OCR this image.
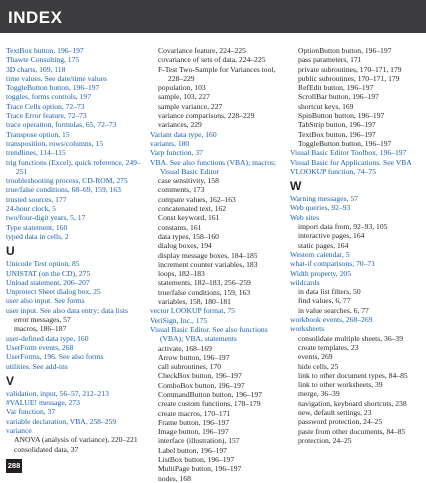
INDEX

TextBox button, 196–197

Thawte Consulting, 175

3D charts, 109, 118

time values. See date/time values

ToggleButton button, 196–197

toggles, forms controls, 197

Trace Cells option, 72–73

Trace Error feature, 72–73

trace operation, formulas, 65, 72–73

Transpose option, 15

transposition, rows/columns, 15

trendlines, 114–115

trig functions (Excel), quick reference, 249–251

troubleshooting process, CD-ROM, 275

true/false conditions, 68–69, 159, 163

trusted sources, 177

24-hour clock, 5

two/four-digit years, 5, 17

Type statement, 160

typed data in cells, 2

U

Unicode Text option, 85

UNISTAT (on the CD), 275

Unload statement, 206–207

Unprotect Sheet dialog box, 25

user also input. See forms

user input. See also data entry; data lists

error messages, 57

macros, 186–187

user-defined data type, 160

UserForm events, 268

UserForms, 196. See also forms

utilities. See add-ins

V

validation, input, 56–57, 212–213

#VALUE! message, 273

Var function, 37

variable declaration, VBA, 258–259

variance

ANOVA (analysis of variance), 220–221

consolidated data, 37

Covariance feature, 224–225

covariance of sets of data, 224–225

F-Test Two-Sample for Variances tool, 228–229

population, 103

sample, 103, 227

sample variance, 227

variance comparisons, 228–229

variances, 229

Variant data type, 160

variants, 180

Varp function, 37

VBA. See also functions (VBA); macros; Visual Basic Editor

case sensitivity, 158

comments, 173

compare values, 162–163

concatenated text, 162

Const keyword, 161

constants, 161

data types, 158–160

dialog boxes, 194

display message boxes, 184–185

increment counter variables, 183

loops, 182–183

statements, 182–183, 256–259

true/false conditions, 159, 163

variables, 158, 180–181

vector LOOKUP format, 75

VeriSign, Inc., 175

Visual Basic Editor. See also functions (VBA); VBA, statements

activate, 168–169

Arrow button, 196–197

call subroutines, 170

CheckBox button, 196–197

ComboBox button, 196–197

CommandButton button, 196–197

create custom functions, 178–179

create macros, 170–171

Frame button, 196–197

Image button, 196–197

interface (illustration), 157

Label button, 196–197

ListBox button, 196–197

MultiPage button, 196–197

nodes, 168

OptionButton button, 196–197

pass parameters, 171

private subroutines, 170–171, 179

public subroutines, 170–171, 179

RefEdit button, 196–197

ScrollBar button, 196–197

shortcut keys, 169

SpinButton button, 196–197

TabStrip button, 196–197

TextBox button, 196–197

ToggleButton button, 196–197

Visual Basic Editor Toolbox, 196–197

Visual Basic for Applications. See VBA

VLOOKUP function, 74–75

W

Warning messages, 57

Web queries, 92–93

Web sites

import data from, 92–93, 105

interactive pages, 164

static pages, 164

Western calendar, 5

what-if comparisons, 70–71

Width property, 205

wildcards

in data list filters, 50

find values, 6, 77

in value searches, 6, 77

workbook events, 268–269

worksheets

consolidate multiple sheets, 36–39

create templates, 23

events, 269

hide cells, 25

link to other document types, 84–85

link to other worksheets, 39

merge, 36–39

navigation, keyboard shortcuts, 238

new, default settings, 23

password protection, 24–25

paste from other documents, 84–85

protection, 24–25

288
